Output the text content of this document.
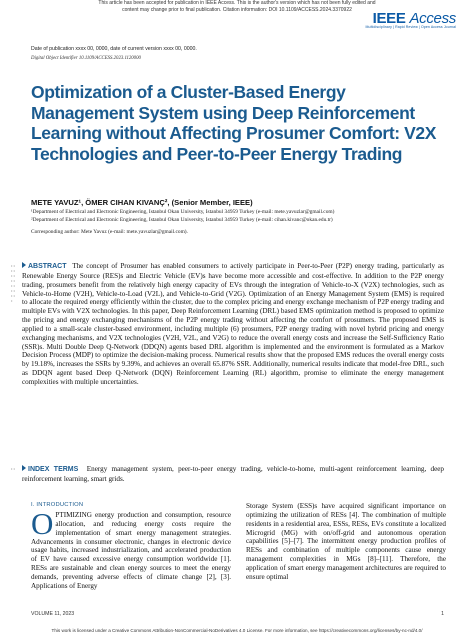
This article has been accepted for publication in IEEE Access. This is the author's version which has not been fully edited and
content may change prior to final publication. Citation information: DOI 10.1109/ACCESS.2024.3370922	IEEE Access
Multidisciplinary | Rapid Review | Open Access Journal
Date of publication xxxx 00, 0000, date of current version xxxx 00, 0000.
Digital Object Identifier 10.1109/ACCESS.2023.1120000
Optimization of a Cluster-Based Energy Management System using Deep Reinforcement Learning without Affecting Prosumer Comfort: V2X Technologies and Peer-to-Peer Energy Trading
METE YAVUZ¹, ÖMER CIHAN KIVANÇ², (Senior Member, IEEE)
¹Department of Electrical and Electronic Engineering, Istanbul Okan University, Istanbul 34959 Turkey (e-mail: mete.yavuzlar@gmail.com)
²Department of Electrical and Electronic Engineering, Istanbul Okan University, Istanbul 34959 Turkey (e-mail: cihan.kivanc@okan.edu.tr)
Corresponding author: Mete Yavuz (e-mail: mete.yavuzlar@gmail.com).
• • • • • • • • • • • • • • •

ABSTRACT The concept of Prosumer has enabled consumers to actively participate in Peer-to-Peer (P2P) energy trading, particularly as Renewable Energy Source (RES)s and Electric Vehicle (EV)s have become more accessible and cost-effective. In addition to the P2P energy trading, prosumers benefit from the relatively high energy capacity of EVs through the integration of Vehicle-to-X (V2X) technologies, such as Vehicle-to-Home (V2H), Vehicle-to-Load (V2L), and Vehicle-to-Grid (V2G). Optimization of an Energy Management System (EMS) is required to allocate the required energy efficiently within the cluster, due to the complex pricing and energy exchange mechanism of P2P energy trading and multiple EVs with V2X technologies. In this paper, Deep Reinforcement Learning (DRL) based EMS optimization method is proposed to optimize the pricing and energy exchanging mechanisms of the P2P energy trading without affecting the comfort of prosumers. The proposed EMS is applied to a small-scale cluster-based environment, including multiple (6) prosumers, P2P energy trading with novel hybrid pricing and energy exchanging mechanisms, and V2X technologies (V2H, V2L, and V2G) to reduce the overall energy costs and increase the Self-Sufficiency Ratio (SSR)s. Multi Double Deep Q-Network (DDQN) agents based DRL algorithm is implemented and the environment is formulated as a Markov Decision Process (MDP) to optimize the decision-making process. Numerical results show that the proposed EMS reduces the overall energy costs by 19.18%, increases the SSRs by 9.39%, and achieves an overall 65.87% SSR. Additionally, numerical results indicate that model-free DRL, such as DDQN agent based Deep Q-Network (DQN) Reinforcement Learning (RL) algorithm, promise to eliminate the energy management complexities with multiple uncertainties.

• •	INDEX TERMS Energy management system, peer-to-peer energy trading, vehicle-to-home, multi-agent reinforcement learning, deep reinforcement learning, smart grids.

I. INTRODUCTION

OPTIMIZING energy production and consumption, resource allocation, and reducing energy costs require the implementation of smart energy management strategies. Advancements in consumer electronic, changes in electronic device usage habits, increased industrialization, and accelerated production of EV have caused excessive energy consumption worldwide [1]. RESs are sustainable and clean energy sources to meet the energy demands, preventing adverse effects of climate change [2], [3]. Applications of Energy

Storage System (ESS)s have acquired significant importance on optimizing the utilization of RESs [4]. The combination of multiple residents in a residential area, ESSs, RESs, EVs constitute a localized Microgrid (MG) with on/off-grid and autonomous operation capabilities [5]–[7]. The intermittent energy production profiles of RESs and combination of multiple components cause energy management complexities in MGs [8]–[11]. Therefore, the application of smart energy management architectures are required to ensure optimal

VOLUME 11, 2023	1
This work is licensed under a Creative Commons Attribution-NonCommercial-NoDerivatives 4.0 License. For more information, see https://creativecommons.org/licenses/by-nc-nd/4.0/
